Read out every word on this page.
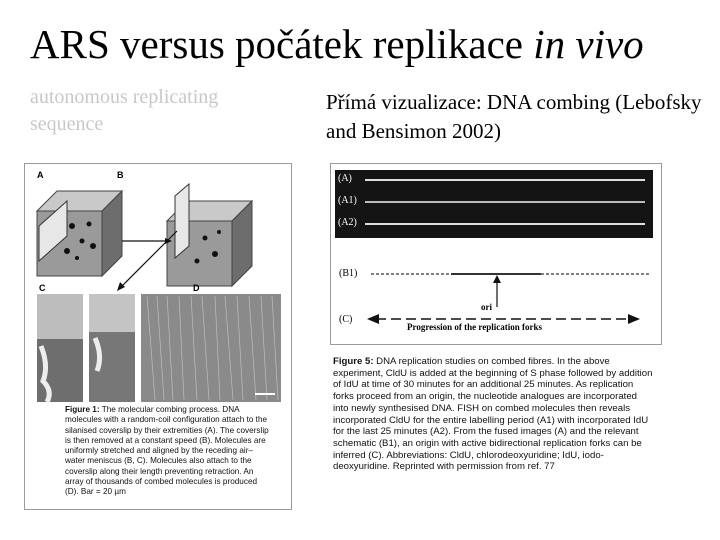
ARS versus počátek replikace in vivo
autonomous replicating sequence
Přímá vizualizace: DNA combing (Lebofsky and Bensimon 2002)
A	B
C	D
Figure 1: The molecular combing process. DNA molecules with a random-coil configuration attach to the silanised coverslip by their extremities (A). The coverslip is then removed at a constant speed (B). Molecules are uniformly stretched and aligned by the receding air–water meniscus (B, C). Molecules also attach to the coverslip along their length preventing retraction. An array of thousands of combed molecules is produced (D). Bar = 20 µm
(A)
(A1)
(A2)
(B1)
(C)
ori
Progression of the replication forks
Figure 5: DNA replication studies on combed fibres. In the above experiment, CldU is added at the beginning of S phase followed by addition of IdU at time of 30 minutes for an additional 25 minutes. As replication forks proceed from an origin, the nucleotide analogues are incorporated into newly synthesised DNA. FISH on combed molecules then reveals incorporated CldU for the entire labelling period (A1) with incorporated IdU for the last 25 minutes (A2). From the fused images (A) and the relevant schematic (B1), an origin with active bidirectional replication forks can be inferred (C). Abbreviations: CldU, chlorodeoxyuridine; IdU, iodo-deoxyuridine. Reprinted with permission from ref. 77
